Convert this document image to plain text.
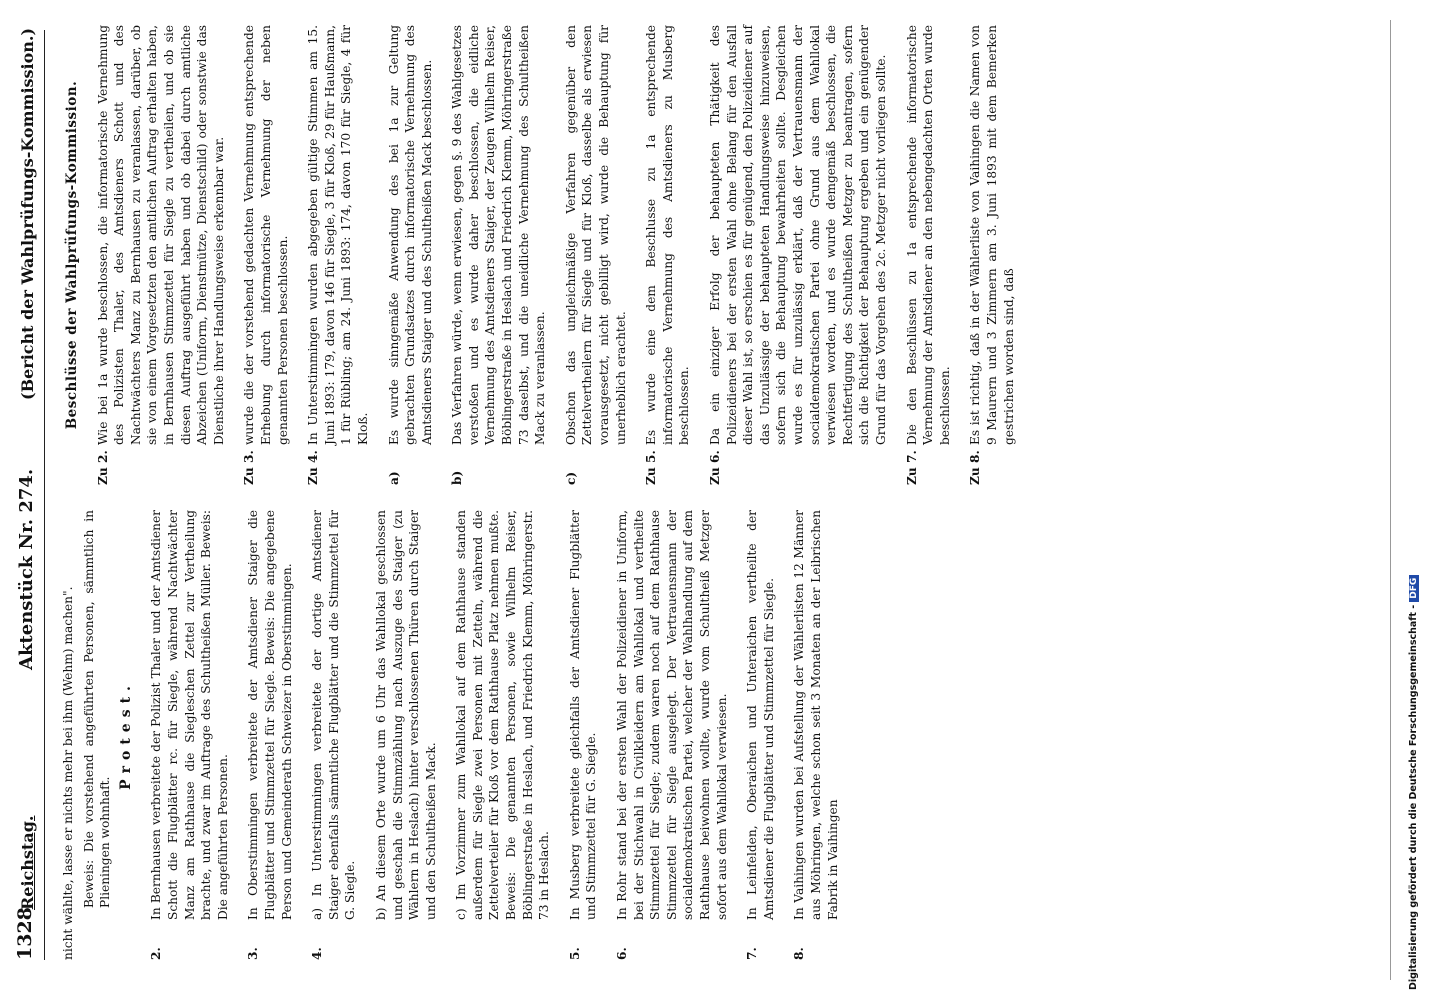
1328
Reichstag.
Aktenstück Nr. 274.
(Bericht der Wahlprüfungs-Kommission.)
nicht wählte, lasse er nichts mehr bei ihm (Wehm) machen". Beweis: Die vorstehend angeführten Personen, sämmtlich in Plieningen wohnhaft.
Protest.
2.
In Bernhausen verbreitete der Polizist Thaler und der Amtsdiener Schott die Flugblätter rc. für Siegle, während Nachtwächter Manz am Rathhause die Siegleschen Zettel zur Vertheilung brachte, und zwar im Auftrage des Schultheißen Müller. Beweis: Die angeführten Personen.
3.
In Oberstimmingen verbreitete der Amtsdiener Staiger die Flugblätter und Stimmzettel für Siegle. Beweis: Die angegebene Person und Gemeinderath Schweizer in Oberstimmingen.
4.
a) In Unterstimmingen verbreitete der dortige Amtsdiener Staiger ebenfalls sämmtliche Flugblätter und die Stimmzettel für G. Siegle. b) An diesem Orte wurde um 6 Uhr das Wahllokal geschlossen und geschah die Stimmzählung nach Auszuge des Staiger (zu Wählern in Heslach) hinter verschlossenen Thüren durch Staiger und den Schultheißen Mack. c) Im Vorzimmer zum Wahllokal auf dem Rathhause standen außerdem für Siegle zwei Personen mit Zetteln, während die Zettelverteiler für Kloß vor dem Rathhause Platz nehmen mußte. Beweis: Die genannten Personen, sowie Wilhelm Reiser, Böblingerstraße in Heslach, und Friedrich Klemm, Möhringerstr. 73 in Heslach.
5.
In Musberg verbreitete gleichfalls der Amtsdiener Flugblätter und Stimmzettel für G. Siegle.
6.
In Rohr stand bei der ersten Wahl der Polizeidiener in Uniform, bei der Stichwahl in Civilkleidern am Wahllokal und vertheilte Stimmzettel für Siegle; zudem waren noch auf dem Rathhause Stimmzettel für Siegle ausgelegt. Der Vertrauensmann der socialdemokratischen Partei, welcher der Wahlhandlung auf dem Rathhause beiwohnen wollte, wurde vom Schultheiß Metzger sofort aus dem Wahllokal verwiesen.
7.
In Leinfelden, Oberaichen und Unteraichen vertheilte der Amtsdiener die Flugblätter und Stimmzettel für Siegle.
8.
In Vaihingen wurden bei Aufstellung der Wählerlisten 12 Männer aus Möhringen, welche schon seit 3 Monaten an der Leibrischen Fabrik in Vaihingen
Beschlüsse der Wahlprüfungs-Kommission.
Zu 2.
Wie bei 1a wurde beschlossen, die informatorische Vernehmung des Polizisten Thaler, des Amtsdieners Schott und des Nachtwächters Manz zu Bernhausen zu veranlassen, darüber, ob sie von einem Vorgesetzten den amtlichen Auftrag erhalten haben, in Bernhausen Stimmzettel für Siegle zu vertheilen, und ob sie diesen Auftrag ausgeführt haben und ob dabei durch amtliche Abzeichen (Uniform, Dienstmütze, Dienstschild) oder sonstwie das Dienstliche ihrer Handlungsweise erkennbar war.
Zu 3.
wurde die der vorstehend gedachten Vernehmung entsprechende Erhebung durch informatorische Vernehmung der neben genannten Personen beschlossen.
Zu 4.
In Unterstimmingen wurden abgegeben gültige Stimmen am 15. Juni 1893: 179, davon 146 für Siegle, 3 für Kloß, 29 für Haußmann, 1 für Rübling; am 24. Juni 1893: 174, davon 170 für Siegle, 4 für Kloß.
a)
Es wurde sinngemäße Anwendung des bei 1a zur Geltung gebrachten Grundsatzes durch informatorische Vernehmung des Amtsdieners Staiger und des Schultheißen Mack beschlossen.
b)
Das Verfahren würde, wenn erwiesen, gegen §. 9 des Wahlgesetzes verstoßen und es wurde daher beschlossen, die eidliche Vernehmung des Amtsdieners Staiger, der Zeugen Wilhelm Reiser, Böblingerstraße in Heslach und Friedrich Klemm, Möhringerstraße 73 daselbst, und die uneidliche Vernehmung des Schultheißen Mack zu veranlassen.
c)
Obschon das ungleichmäßige Verfahren gegenüber den Zettelvertheilern für Siegle und für Kloß, dasselbe als erwiesen vorausgesetzt, nicht gebilligt wird, wurde die Behauptung für unerheblich erachtet.
Zu 5.
Es wurde eine dem Beschlusse zu 1a entsprechende informatorische Vernehmung des Amtsdieners zu Musberg beschlossen.
Zu 6.
Da ein einziger Erfolg der behaupteten Thätigkeit des Polizeidieners bei der ersten Wahl ohne Belang für den Ausfall dieser Wahl ist, so erschien es für genügend, den Polizeidiener auf das Unzulässige der behaupteten Handlungsweise hinzuweisen, sofern sich die Behauptung bewahrheiten sollte. Desgleichen wurde es für unzulässig erklärt, daß der Vertrauensmann der socialdemokratischen Partei ohne Grund aus dem Wahllokal verwiesen worden, und es wurde demgemäß beschlossen, die Rechtfertigung des Schultheißen Metzger zu beantragen, sofern sich die Richtigkeit der Behauptung ergeben und ein genügender Grund für das Vorgehen des 2c. Metzger nicht vorliegen sollte.
Zu 7.
Die den Beschlüssen zu 1a entsprechende informatorische Vernehmung der Amtsdiener an den nebengedachten Orten wurde beschlossen.
Zu 8.
Es ist richtig, daß in der Wählerliste von Vaihingen die Namen von 9 Maurern und 3 Zimmern am 3. Juni 1893 mit dem Bemerken gestrichen worden sind, daß
Digitalisierung gefördert durch die Deutsche Forschungsgemeinschaft -DFG
